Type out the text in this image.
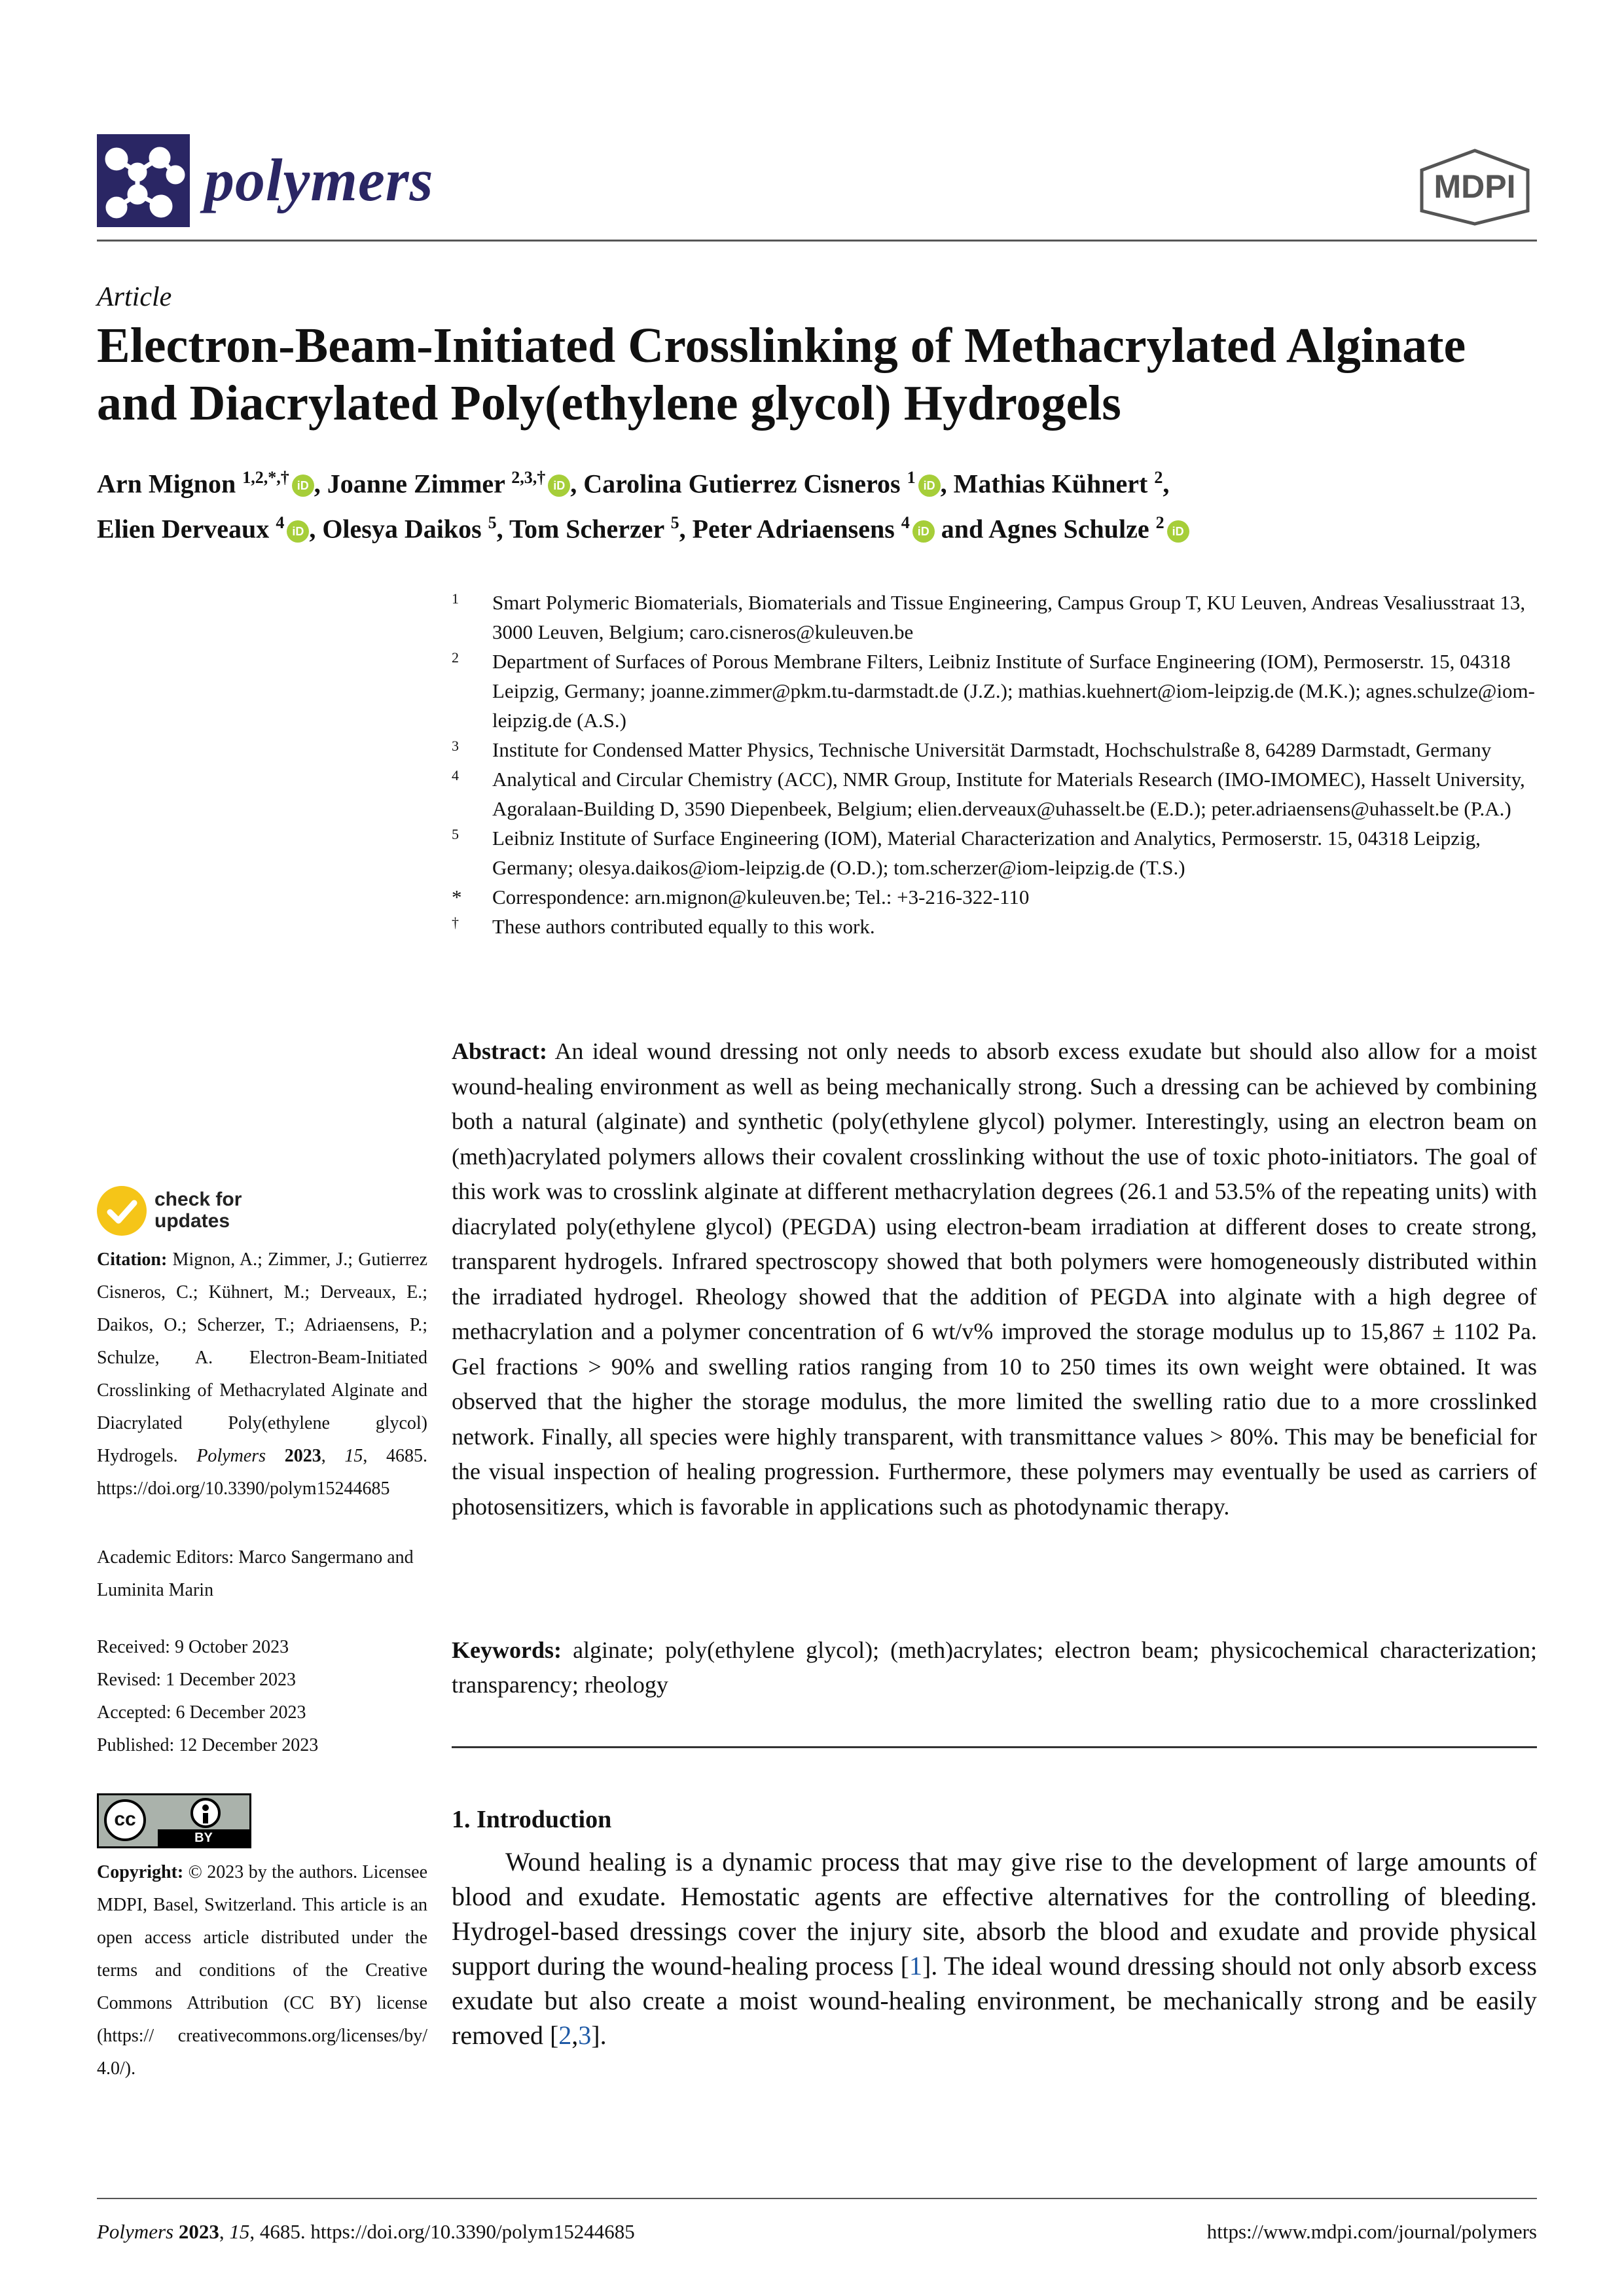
polymers	MDPI
Article
Electron-Beam-Initiated Crosslinking of Methacrylated Alginate and Diacrylated Poly(ethylene glycol) Hydrogels
Arn Mignon $^{1,2,*,\dagger}$ iD , Joanne Zimmer $^{2,3,\dagger}$ iD , Carolina Gutierrez Cisneros $^1$ iD , Mathias Kühnert $^2$,
Elien Derveaux $^4$ iD , Olesya Daikos $^5$, Tom Scherzer $^5$, Peter Adriaensens $^4$ iD and Agnes Schulze $^2$ iD
1 Smart Polymeric Biomaterials, Biomaterials and Tissue Engineering, Campus Group T, KU Leuven, Andreas Vesaliusstraat 13, 3000 Leuven, Belgium; caro.cisneros@kuleuven.be
2 Department of Surfaces of Porous Membrane Filters, Leibniz Institute of Surface Engineering (IOM), Permoserstr. 15, 04318 Leipzig, Germany; joanne.zimmer@pkm.tu-darmstadt.de (J.Z.); mathias.kuehnert@iom-leipzig.de (M.K.); agnes.schulze@iom-leipzig.de (A.S.)
3 Institute for Condensed Matter Physics, Technische Universität Darmstadt, Hochschulstraße 8, 64289 Darmstadt, Germany
4 Analytical and Circular Chemistry (ACC), NMR Group, Institute for Materials Research (IMO-IMOMEC), Hasselt University, Agoralaan-Building D, 3590 Diepenbeek, Belgium; elien.derveaux@uhasselt.be (E.D.); peter.adriaensens@uhasselt.be (P.A.)
5 Leibniz Institute of Surface Engineering (IOM), Material Characterization and Analytics, Permoserstr. 15, 04318 Leipzig, Germany; olesya.daikos@iom-leipzig.de (O.D.); tom.scherzer@iom-leipzig.de (T.S.)
* Correspondence: arn.mignon@kuleuven.be; Tel.: +3-216-322-110
† These authors contributed equally to this work.
check for
updates
Citation: Mignon, A.; Zimmer, J.; Gutierrez Cisneros, C.; Kühnert, M.; Derveaux, E.; Daikos, O.; Scherzer, T.; Adriaensens, P.; Schulze, A. Electron-Beam-Initiated Crosslinking of Methacrylated Alginate and Diacrylated Poly(ethylene glycol) Hydrogels. Polymers 2023, 15, 4685. https://doi.org/10.3390/polym15244685
Academic Editors: Marco Sangermano and Luminita Marin
Received: 9 October 2023
Revised: 1 December 2023
Accepted: 6 December 2023
Published: 12 December 2023
cc
BY
Copyright: © 2023 by the authors. Licensee MDPI, Basel, Switzerland. This article is an open access article distributed under the terms and conditions of the Creative Commons Attribution (CC BY) license (https:// creativecommons.org/licenses/by/ 4.0/).
Abstract: An ideal wound dressing not only needs to absorb excess exudate but should also allow for a moist wound-healing environment as well as being mechanically strong. Such a dressing can be achieved by combining both a natural (alginate) and synthetic (poly(ethylene glycol) polymer. Interestingly, using an electron beam on (meth)acrylated polymers allows their covalent crosslinking without the use of toxic photo-initiators. The goal of this work was to crosslink alginate at different methacrylation degrees (26.1 and 53.5% of the repeating units) with diacrylated poly(ethylene glycol) (PEGDA) using electron-beam irradiation at different doses to create strong, transparent hydrogels. Infrared spectroscopy showed that both polymers were homogeneously distributed within the irradiated hydrogel. Rheology showed that the addition of PEGDA into alginate with a high degree of methacrylation and a polymer concentration of 6 wt/v% improved the storage modulus up to 15,867 ± 1102 Pa. Gel fractions > 90% and swelling ratios ranging from 10 to 250 times its own weight were obtained. It was observed that the higher the storage modulus, the more limited the swelling ratio due to a more crosslinked network. Finally, all species were highly transparent, with transmittance values > 80%. This may be beneficial for the visual inspection of healing progression. Furthermore, these polymers may eventually be used as carriers of photosensitizers, which is favorable in applications such as photodynamic therapy.
Keywords: alginate; poly(ethylene glycol); (meth)acrylates; electron beam; physicochemical characterization; transparency; rheology
1. Introduction
Wound healing is a dynamic process that may give rise to the development of large amounts of blood and exudate. Hemostatic agents are effective alternatives for the controlling of bleeding. Hydrogel-based dressings cover the injury site, absorb the blood and exudate and provide physical support during the wound-healing process [1]. The ideal wound dressing should not only absorb excess exudate but also create a moist wound-healing environment, be mechanically strong and be easily removed [2,3].
Polymers 2023, 15, 4685. https://doi.org/10.3390/polym15244685	https://www.mdpi.com/journal/polymers
